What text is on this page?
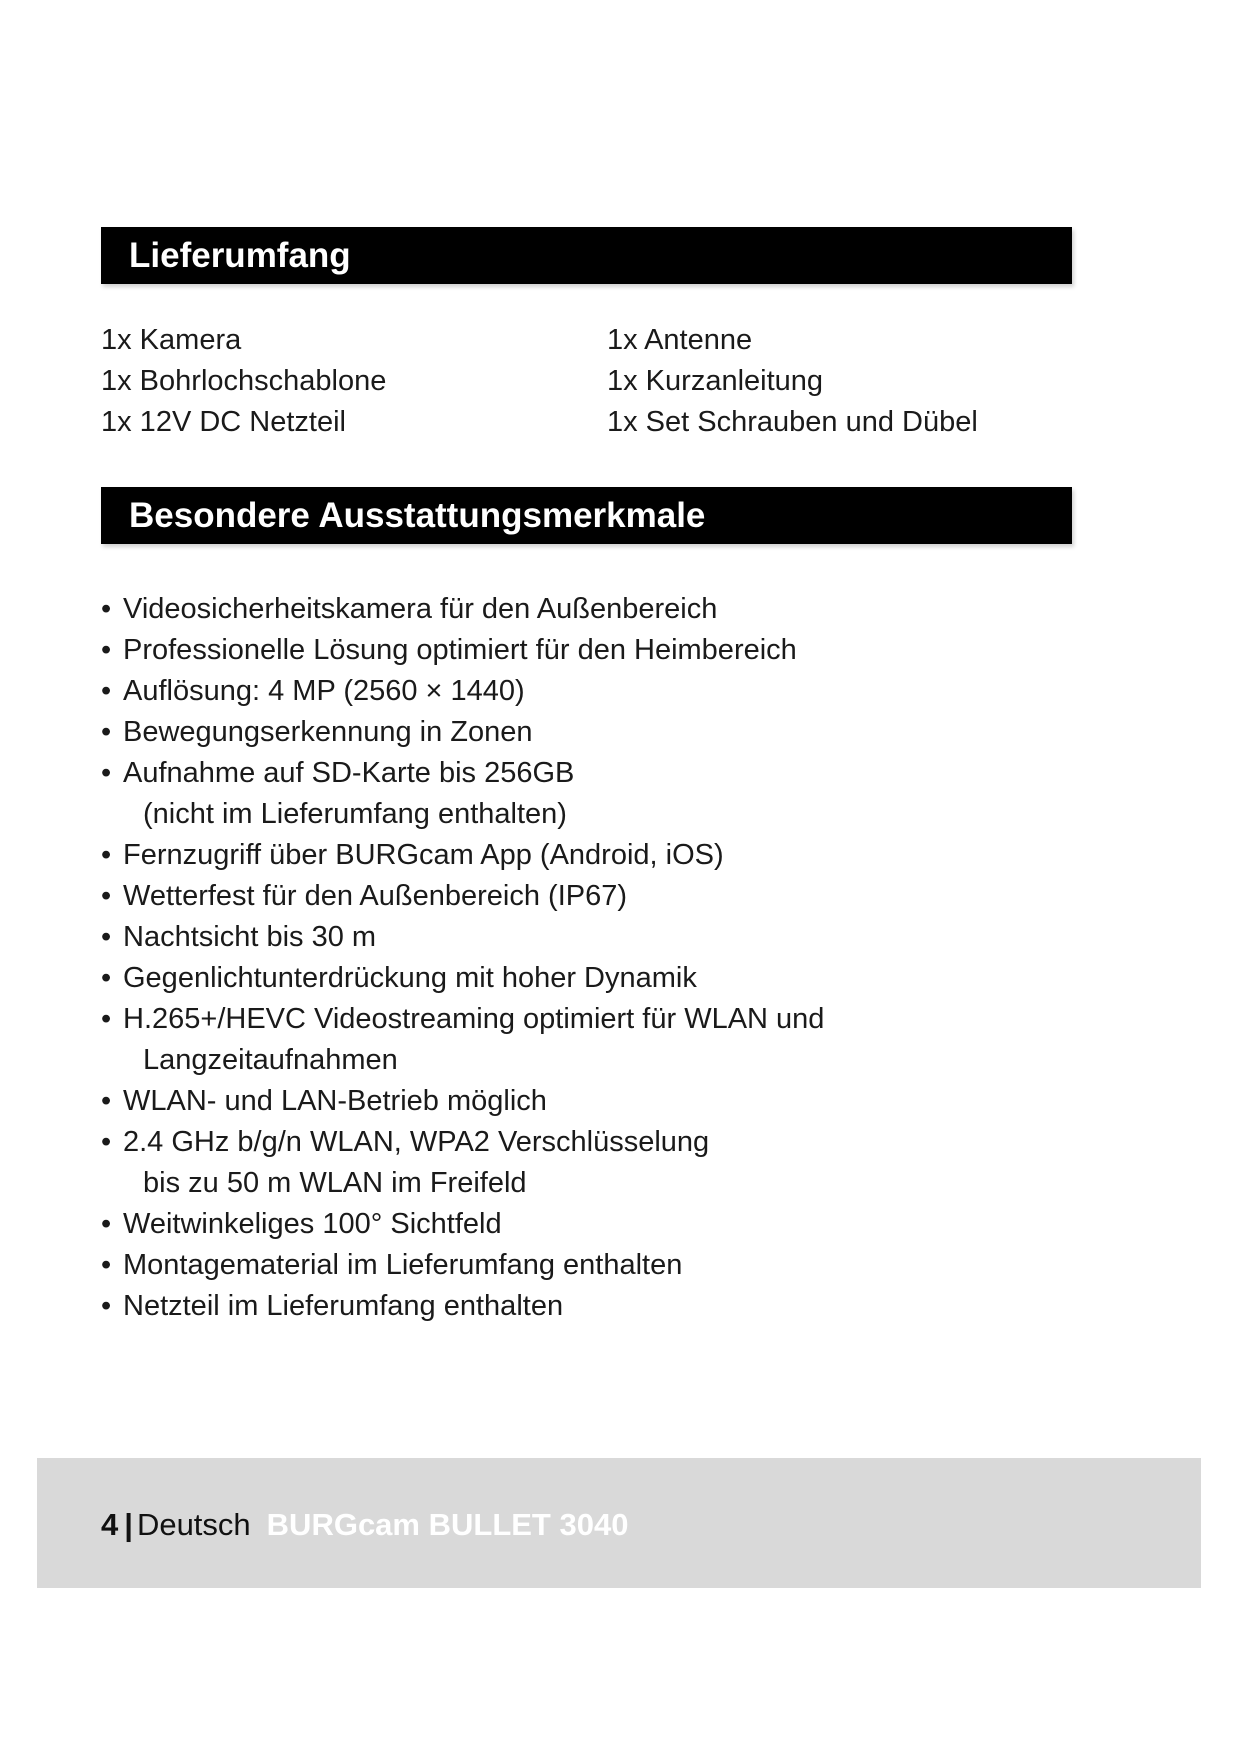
Lieferumfang
1x Kamera	1x Antenne
1x Bohrlochschablone	1x Kurzanleitung
1x 12V DC Netzteil	1x Set Schrauben und Dübel
Besondere Ausstattungsmerkmale
• Videosicherheitskamera für den Außenbereich
• Professionelle Lösung optimiert für den Heimbereich
• Auflösung: 4 MP (2560 × 1440)
• Bewegungserkennung in Zonen
• Aufnahme auf SD-Karte bis 256GB
(nicht im Lieferumfang enthalten)
• Fernzugriff über BURGcam App (Android, iOS)
• Wetterfest für den Außenbereich (IP67)
• Nachtsicht bis 30 m
• Gegenlichtunterdrückung mit hoher Dynamik
• H.265+/HEVC Videostreaming optimiert für WLAN und
Langzeitaufnahmen
• WLAN- und LAN-Betrieb möglich
• 2.4 GHz b/g/n WLAN, WPA2 Verschlüsselung
bis zu 50 m WLAN im Freifeld
• Weitwinkeliges 100° Sichtfeld
• Montagematerial im Lieferumfang enthalten
• Netzteil im Lieferumfang enthalten
4 | Deutsch BURGcam BULLET 3040
